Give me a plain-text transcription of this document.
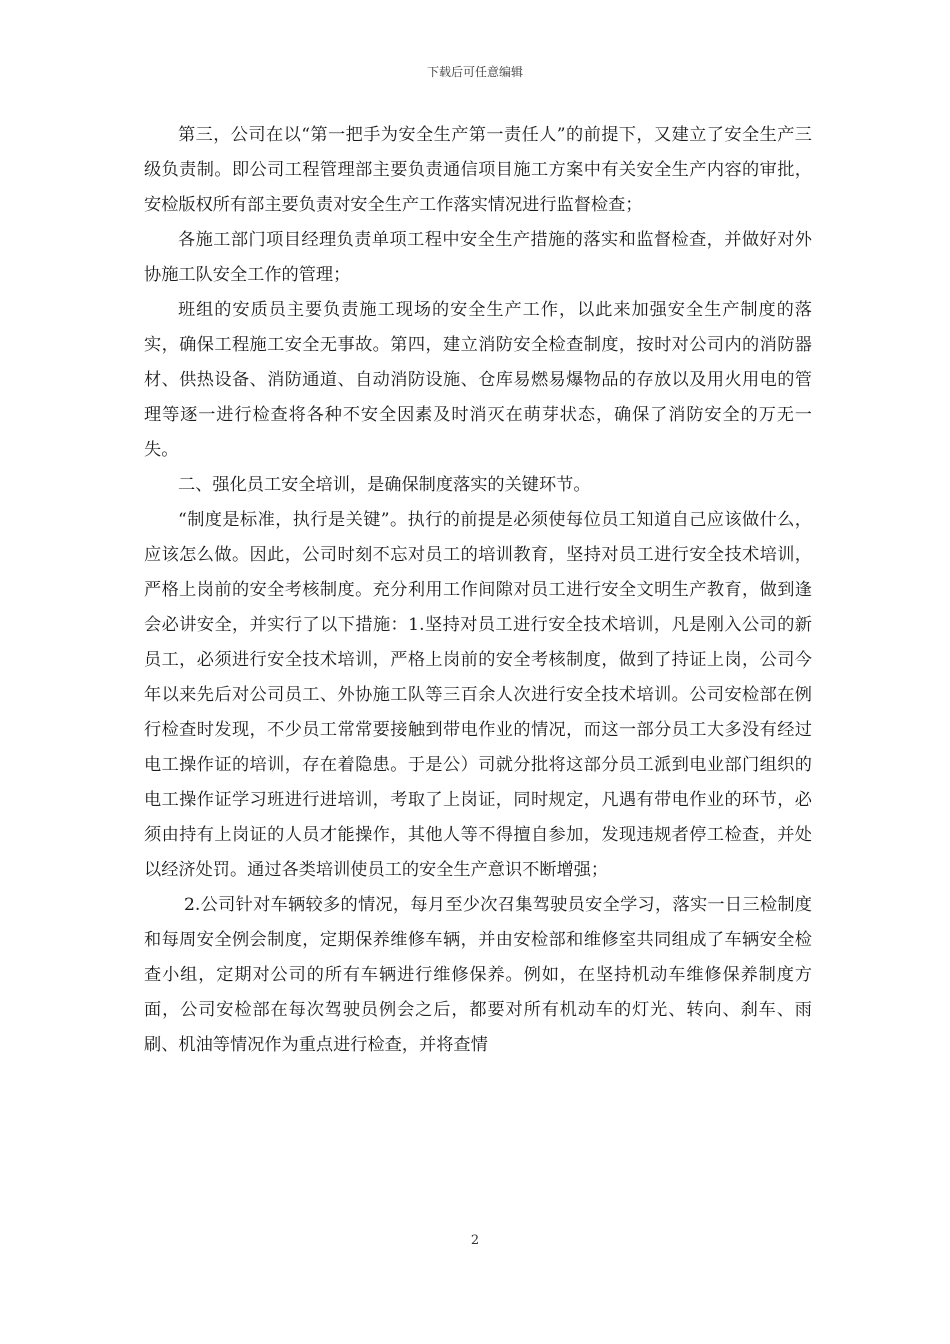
下载后可任意编辑

第三，公司在以“第一把手为安全生产第一责任人”的前提下，又建立了安全生产三级负责制。即公司工程管理部主要负责通信项目施工方案中有关安全生产内容的审批，安检版权所有部主要负责对安全生产工作落实情况进行监督检查；

各施工部门项目经理负责单项工程中安全生产措施的落实和监督检查，并做好对外协施工队安全工作的管理；

班组的安质员主要负责施工现场的安全生产工作，以此来加强安全生产制度的落实，确保工程施工安全无事故。第四，建立消防安全检查制度，按时对公司内的消防器材、供热设备、消防通道、自动消防设施、仓库易燃易爆物品的存放以及用火用电的管理等逐一进行检查将各种不安全因素及时消灭在萌芽状态，确保了消防安全的万无一失。

二、强化员工安全培训，是确保制度落实的关键环节。

“制度是标准，执行是关键”。执行的前提是必须使每位员工知道自己应该做什么，应该怎么做。因此，公司时刻不忘对员工的培训教育，坚持对员工进行安全技术培训，严格上岗前的安全考核制度。充分利用工作间隙对员工进行安全文明生产教育，做到逢会必讲安全，并实行了以下措施：1.坚持对员工进行安全技术培训，凡是刚入公司的新员工，必须进行安全技术培训，严格上岗前的安全考核制度，做到了持证上岗，公司今年以来先后对公司员工、外协施工队等三百余人次进行安全技术培训。公司安检部在例行检查时发现，不少员工常常要接触到带电作业的情况，而这一部分员工大多没有经过电工操作证的培训，存在着隐患。于是公）司就分批将这部分员工派到电业部门组织的电工操作证学习班进行进培训，考取了上岗证，同时规定，凡遇有带电作业的环节，必须由持有上岗证的人员才能操作，其他人等不得擅自参加，发现违规者停工检查，并处以经济处罚。通过各类培训使员工的安全生产意识不断增强；

2.公司针对车辆较多的情况，每月至少次召集驾驶员安全学习，落实一日三检制度和每周安全例会制度，定期保养维修车辆，并由安检部和维修室共同组成了车辆安全检查小组，定期对公司的所有车辆进行维修保养。例如，在坚持机动车维修保养制度方面，公司安检部在每次驾驶员例会之后，都要对所有机动车的灯光、转向、刹车、雨刷、机油等情况作为重点进行检查，并将查情

2
